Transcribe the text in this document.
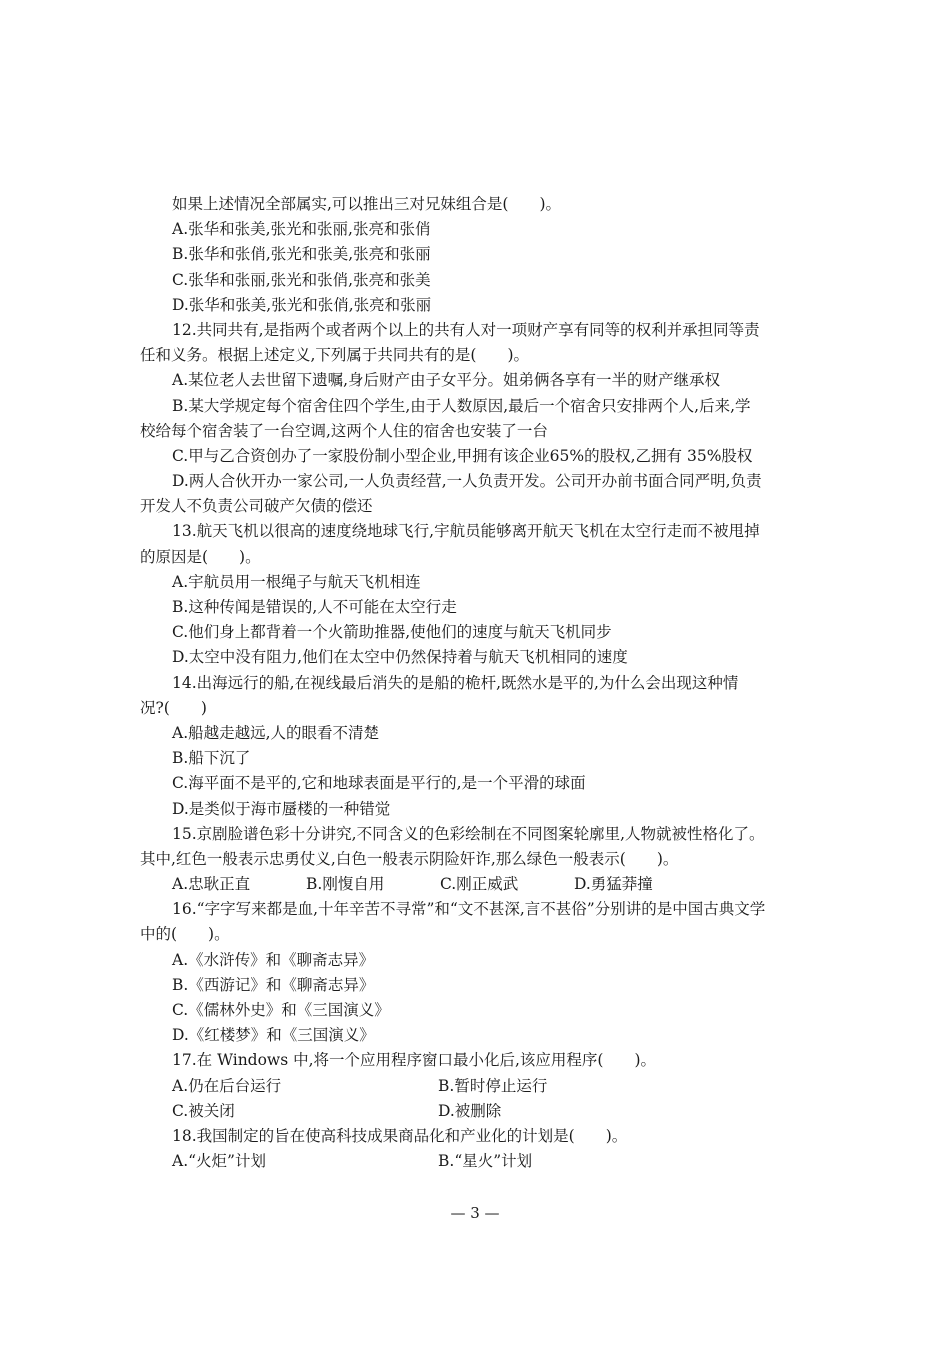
如果上述情况全部属实,可以推出三对兄妹组合是(　　)。
A.张华和张美,张光和张丽,张亮和张俏
B.张华和张俏,张光和张美,张亮和张丽
C.张华和张丽,张光和张俏,张亮和张美
D.张华和张美,张光和张俏,张亮和张丽
12.共同共有,是指两个或者两个以上的共有人对一项财产享有同等的权利并承担同等责
任和义务。根据上述定义,下列属于共同共有的是(　　)。
A.某位老人去世留下遗嘱,身后财产由子女平分。姐弟俩各享有一半的财产继承权
B.某大学规定每个宿舍住四个学生,由于人数原因,最后一个宿舍只安排两个人,后来,学
校给每个宿舍装了一台空调,这两个人住的宿舍也安装了一台
C.甲与乙合资创办了一家股份制小型企业,甲拥有该企业65%的股权,乙拥有 35%股权
D.两人合伙开办一家公司,一人负责经营,一人负责开发。公司开办前书面合同严明,负责
开发人不负责公司破产欠债的偿还
13.航天飞机以很高的速度绕地球飞行,宇航员能够离开航天飞机在太空行走而不被甩掉
的原因是(　　)。
A.宇航员用一根绳子与航天飞机相连
B.这种传闻是错误的,人不可能在太空行走
C.他们身上都背着一个火箭助推器,使他们的速度与航天飞机同步
D.太空中没有阻力,他们在太空中仍然保持着与航天飞机相同的速度
14.出海远行的船,在视线最后消失的是船的桅杆,既然水是平的,为什么会出现这种情
况?(　　)
A.船越走越远,人的眼看不清楚
B.船下沉了
C.海平面不是平的,它和地球表面是平行的,是一个平滑的球面
D.是类似于海市蜃楼的一种错觉
15.京剧脸谱色彩十分讲究,不同含义的色彩绘制在不同图案轮廓里,人物就被性格化了。
其中,红色一般表示忠勇仗义,白色一般表示阴险奸诈,那么绿色一般表示(　　)。
A.忠耿正直	B.刚愎自用	C.刚正威武	D.勇猛莽撞
16.“字字写来都是血,十年辛苦不寻常”和“文不甚深,言不甚俗”分别讲的是中国古典文学
中的(　　)。
A.《水浒传》和《聊斋志异》
B.《西游记》和《聊斋志异》
C.《儒林外史》和《三国演义》
D.《红楼梦》和《三国演义》
17.在 Windows 中,将一个应用程序窗口最小化后,该应用程序(　　)。
A.仍在后台运行	B.暂时停止运行
C.被关闭	D.被删除
18.我国制定的旨在使高科技成果商品化和产业化的计划是(　　)。
A.“火炬”计划	B.“星火”计划
— 3 —
